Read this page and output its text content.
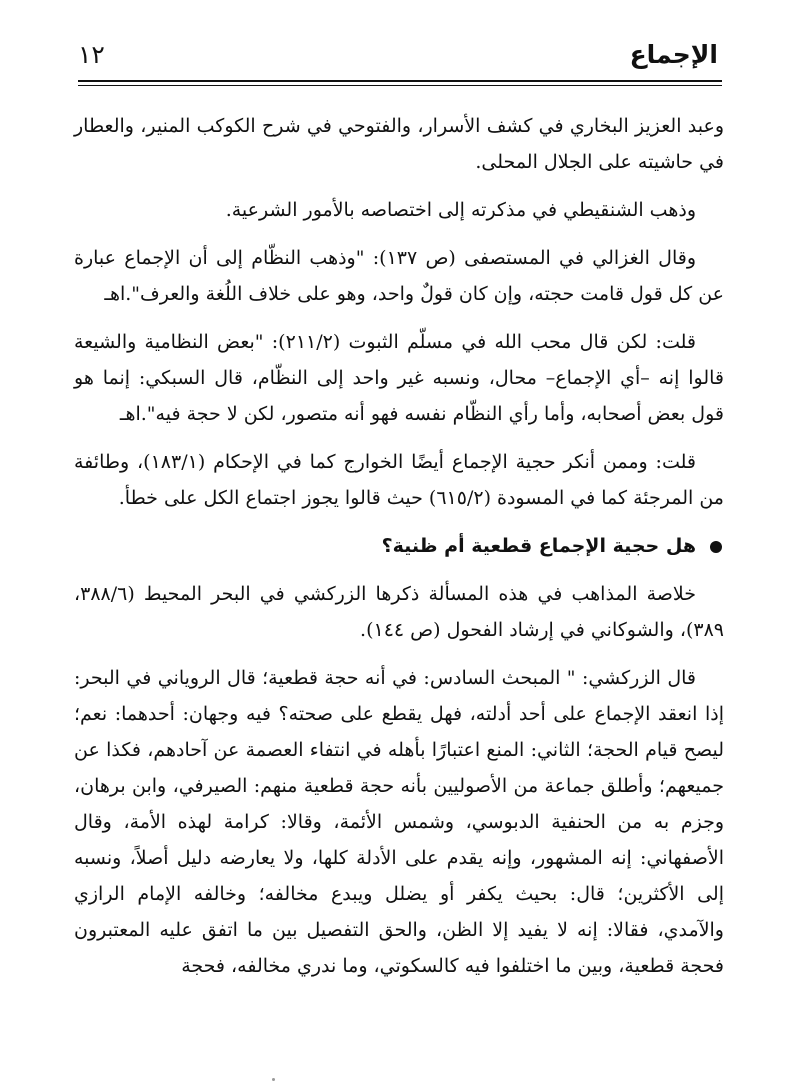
الإجماع
١٢

وعبد العزيز البخاري في كشف الأسرار، والفتوحي في شرح الكوكب المنير، والعطار في حاشيته على الجلال المحلى.

وذهب الشنقيطي في مذكرته إلى اختصاصه بالأمور الشرعية.

وقال الغزالي في المستصفى (ص ١٣٧): "وذهب النظّام إلى أن الإجماع عبارة عن كل قول قامت حجته، وإن كان قولٌ واحد، وهو على خلاف اللُغة والعرف".اهـ

قلت: لكن قال محب الله في مسلّم الثبوت (٢١١/٢): "بعض النظامية والشيعة قالوا إنه –أي الإجماع– محال، ونسبه غير واحد إلى النظّام، قال السبكي: إنما هو قول بعض أصحابه، وأما رأي النظّام نفسه فهو أنه متصور، لكن لا حجة فيه".اهـ

قلت: وممن أنكر حجية الإجماع أيضًا الخوارج كما في الإحكام (١٨٣/١)، وطائفة من المرجئة كما في المسودة (٦١٥/٢) حيث قالوا يجوز اجتماع الكل على خطأ.

هل حجية الإجماع قطعية أم ظنية؟

خلاصة المذاهب في هذه المسألة ذكرها الزركشي في البحر المحيط (٣٨٨/٦، ٣٨٩)، والشوكاني في إرشاد الفحول (ص ١٤٤).

قال الزركشي: " المبحث السادس: في أنه حجة قطعية؛ قال الروياني في البحر: إذا انعقد الإجماع على أحد أدلته، فهل يقطع على صحته؟ فيه وجهان: أحدهما: نعم؛ ليصح قيام الحجة؛ الثاني: المنع اعتبارًا بأهله في انتفاء العصمة عن آحادهم، فكذا عن جميعهم؛ وأطلق جماعة من الأصوليين بأنه حجة قطعية منهم: الصيرفي، وابن برهان، وجزم به من الحنفية الدبوسي، وشمس الأئمة، وقالا: كرامة لهذه الأمة، وقال الأصفهاني: إنه المشهور، وإنه يقدم على الأدلة كلها، ولا يعارضه دليل أصلاً، ونسبه إلى الأكثرين؛ قال: بحيث يكفر أو يضلل ويبدع مخالفه؛ وخالفه الإمام الرازي والآمدي، فقالا: إنه لا يفيد إلا الظن، والحق التفصيل بين ما اتفق عليه المعتبرون فحجة قطعية، وبين ما اختلفوا فيه كالسكوتي، وما ندري مخالفه، فحجة
